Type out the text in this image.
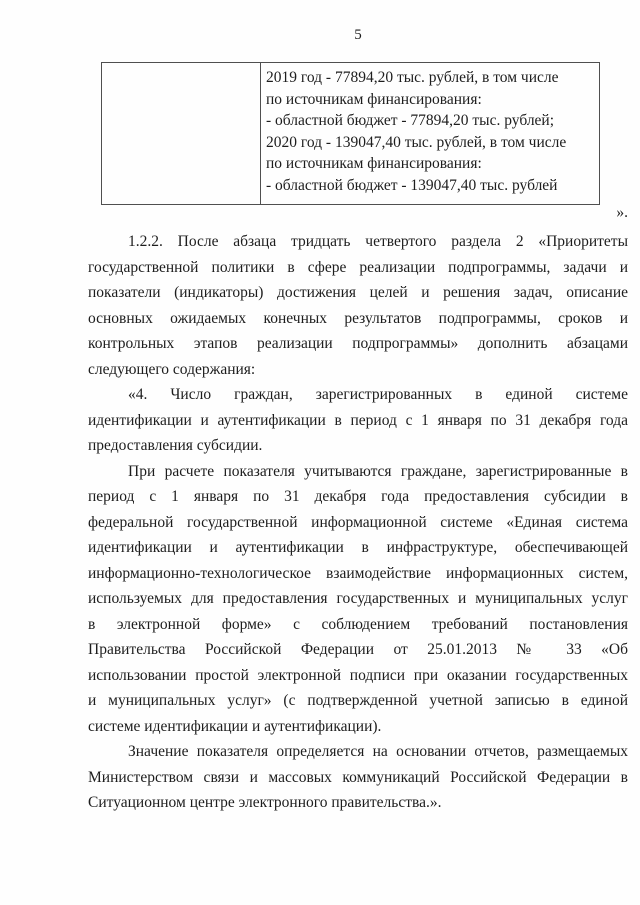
5

2019 год - 77894,20 тыс. рублей, в том числе
по источникам финансирования:
- областной бюджет - 77894,20 тыс. рублей;
2020 год - 139047,40 тыс. рублей, в том числе
по источникам финансирования:
- областной бюджет - 139047,40 тыс. рублей
».
1.2.2. После абзаца тридцать четвертого раздела 2 «Приоритеты
государственной политики в сфере реализации подпрограммы, задачи и
показатели (индикаторы) достижения целей и решения задач, описание
основных ожидаемых конечных результатов подпрограммы, сроков и
контрольных этапов реализации подпрограммы» дополнить абзацами
следующего содержания:
«4. Число граждан, зарегистрированных в единой системе
идентификации и аутентификации в период с 1 января по 31 декабря года
предоставления субсидии.
При расчете показателя учитываются граждане, зарегистрированные в
период с 1 января по 31 декабря года предоставления субсидии в
федеральной государственной информационной системе «Единая система
идентификации и аутентификации в инфраструктуре, обеспечивающей
информационно-технологическое взаимодействие информационных систем,
используемых для предоставления государственных и муниципальных услуг
в электронной форме» с соблюдением требований постановления
Правительства Российской Федерации от 25.01.2013 № 33 «Об
использовании простой электронной подписи при оказании государственных
и муниципальных услуг» (с подтвержденной учетной записью в единой
системе идентификации и аутентификации).
Значение показателя определяется на основании отчетов, размещаемых
Министерством связи и массовых коммуникаций Российской Федерации в
Ситуационном центре электронного правительства.».
